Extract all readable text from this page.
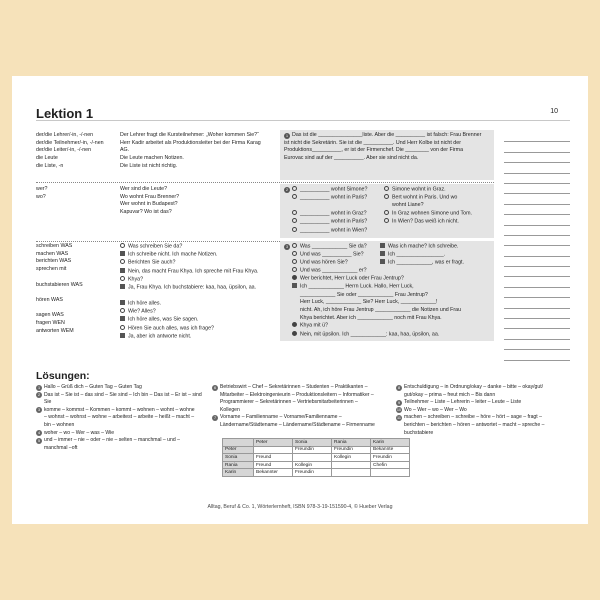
Lektion 1	10
der/die Lehrer/-in, -/-nen
der/die Teilnehmer/-in, -/-nen
der/die Leiter/-in, -/-nen
die Leute
die Liste, -n
Der Lehrer fragt die Kursteilnehmer: „Woher kommen Sie?“
Herr Kadir arbeitet als Produktionsleiter bei der Firma Karag
AG.
Die Leute machen Notizen.
Die Liste ist nicht richtig.
1 Das ist die _______________liste. Aber die __________ ist falsch: Frau Brenner
ist nicht die Sekretärin. Sie ist die __________. Und Herr Kolbe ist nicht der
Produktions__________, er ist der Firmenchef. Die ________ von der Firma
Eurovac sind auf der __________. Aber sie sind nicht da.
wer?
wo?
Wer sind die Leute?
Wo wohnt Frau Brenner?
Wer wohnt in Budapest?
Kapuvar? Wo ist das?
2 __________ wohnt Simone?
__________ wohnt in Paris?

__________ wohnt in Graz?
__________ wohnt in Paris?
__________ wohnt in Wien?
Simone wohnt in Graz.
Bert wohnt in Paris. Und wo
wohnt Liane?
In Graz wohnen Simone und Tom.
In Wien? Das weiß ich nicht.
schreiben WAS
machen WAS
berichten WAS
sprechen mit

buchstabieren WAS

hören WAS

sagen WAS
fragen WEN
antworten WEM
Was schreiben Sie da?
Ich schreibe nicht. Ich mache Notizen.
Berichten Sie auch?
Nein, das macht Frau Khya. Ich spreche mit Frau Khya.
Khya?
Ja, Frau Khya. Ich buchstabiere: kaa, haa, üpsilon, aa.

Ich höre alles.
Wie? Alles?
Ich höre alles, was Sie sagen.
Hören Sie auch alles, was ich frage?
Ja, aber ich antworte nicht.
3 Was ____________ Sie da?
Und was __________ Sie?
Und was hören Sie?
Was ich mache? Ich schreibe.
Ich ________________.
Ich ____________, was er fragt.
Und was ____________ er?
Wer berichtet, Herr Luck oder Frau Jentrup?
Ich ____________ Herrn Luck. Hallo, Herr Luck,
____________ Sie oder ____________ Frau Jentrup?
Herr Luck, ____________ Sie? Herr Luck, ____________!
nicht. Ah, ich höre Frau Jentrup ____________ die Notizen und Frau
Khya berichtet. Aber ich ____________ noch mit Frau Khya.
Khya mit ü?
Nein, mit üpsilon. Ich ____________: kaa, haa, üpsilon, aa.
Lösungen:
1 Hallo – Grüß dich – Guten Tag – Guten Tag
2 Das ist – Sie ist – das sind – Sie sind – Ich bin – Das ist – Er ist – sind
Sie
3 komme – kommst – Kommen – kommt – wohnen – wohnt – wohne
– wohnst – wohnst – wohne – arbeitest – arbeite – heißt – macht –
bin – wohnen
4 woher – wo – Wer – was – Wie
5 und – immer – nie – oder – nie – selten – manchmal – und –
manchmal –oft
6 Betriebswirt – Chef – Sekretärinnen – Studenten – Praktikanten –
Mitarbeiter – Elektroingenieurin – Produktionsleitern – Informatiker –
Programmierer – Sekretärinnen – Vertriebsmitarbeiterinnen –
Kollegen
7 Vorname – Familienname – Vorname/Familienname –
Ländername/Städtename – Ländername/Städtename – Firmenname
	Peter	Sonia	Rania	Karin
Peter		Freundin	Freundin	Bekannte
Sonia	Freund		Kollegin	Freundin
Rania	Freund	Kollegin		Chefin
Karin	Bekannter	Freundin		
8 Entschuldigung – in Ordnung/okay – danke – bitte – okay/gut/
gut/okay – prima – freut mich – Bis dann
9 Teilnehmer – Liste – Lehrerin – leiter – Leute – Liste
10 Wo – Wer – wo – Wer – Wo
11 machen – schreiben – schreibe – höre – hört – sage – fragt –
berichten – berichten – hören – antwortet – macht – spreche –
buchstabiere
Alltag, Beruf & Co. 1, Wörterlernheft, ISBN 978-3-19-151590-4, © Hueber Verlag
